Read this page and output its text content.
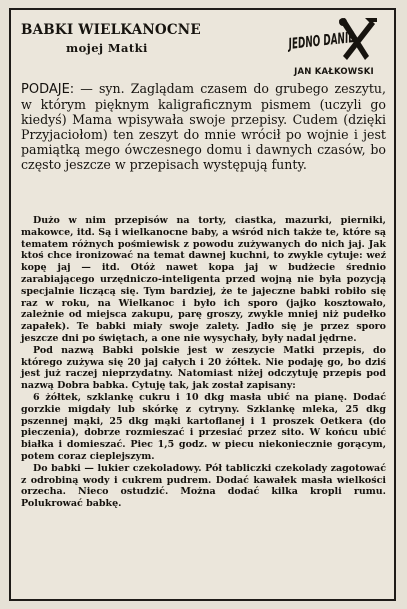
BABKI WIELKANOCNE
mojej Matki	JEDNO DANIE
JAN KAŁKOWSKI

PODAJE: — syn. Zaglądam czasem do grubego zeszytu, w którym pięknym kaligraficznym pismem (uczyli go kiedyś) Mama wpisywała swoje przepisy. Cudem (dzięki Przyjaciołom) ten zeszyt do mnie wrócił po wojnie i jest pamiątką mego ówczesnego domu i dawnych czasów, bo często jeszcze w przepisach występują funty.

Dużo w nim przepisów na torty, ciastka, mazurki, pierniki, makowce, itd. Są i wielkanocne baby, a wśród nich także te, które są tematem różnych pośmiewisk z powodu zużywanych do nich jaj. Jak ktoś chce ironizować na temat dawnej kuchni, to zwykle cytuje: weź kopę jaj — itd. Otóż nawet kopa jaj w budżecie średnio zarabiającego urzędniczo-inteligenta przed wojną nie była pozycją specjalnie liczącą się. Tym bardziej, że te jajeczne babki robiło się raz w roku, na Wielkanoc i było ich sporo (jajko kosztowało, zależnie od miejsca zakupu, parę groszy, zwykle mniej niż pudełko zapałek). Te babki miały swoje zalety. Jadło się je przez sporo jeszcze dni po świętach, a one nie wysychały, były nadal jędrne.

Pod nazwą Babki polskie jest w zeszycie Matki przepis, do którego zużywa się 20 jaj całych i 20 żółtek. Nie podaję go, bo dziś jest już raczej nieprzydatny. Natomiast niżej odczytuję przepis pod nazwą Dobra babka. Cytuję tak, jak został zapisany:

6 żółtek, szklankę cukru i 10 dkg masła ubić na pianę. Dodać gorzkie migdały lub skórkę z cytryny. Szklankę mleka, 25 dkg pszennej mąki, 25 dkg mąki kartoflanej i 1 proszek Oetkera (do pieczenia), dobrze rozmieszać i przesiać przez sito. W końcu ubić białka i domieszać. Piec 1,5 godz. w piecu niekoniecznie gorącym, potem coraz cieplejszym.

Do babki — lukier czekoladowy. Pół tabliczki czekolady zagotować z odrobiną wody i cukrem pudrem. Dodać kawałek masła wielkości orzecha. Nieco ostudzić. Można dodać kilka kropli rumu. Polukrować babkę.
